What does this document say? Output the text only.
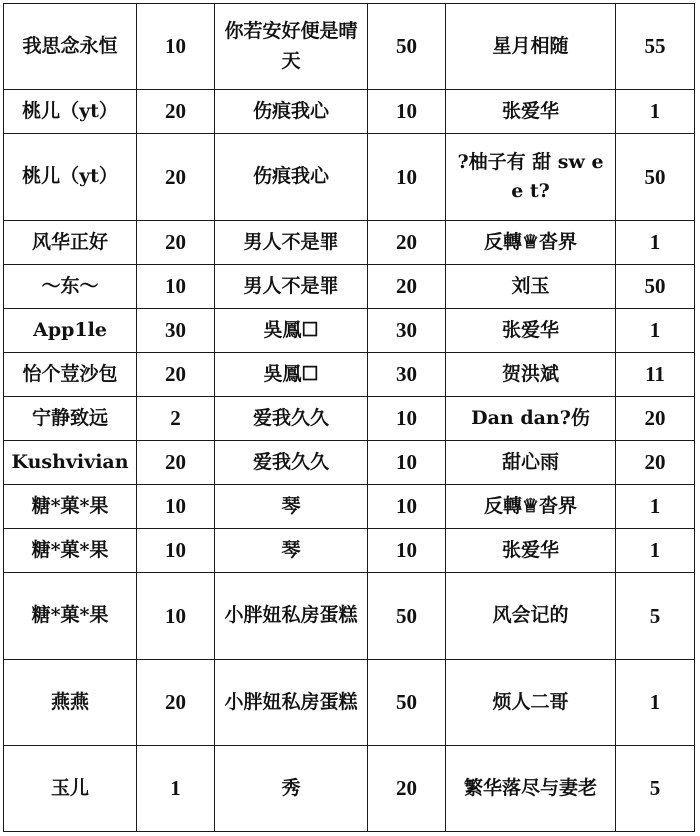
我思念永恒	10	你若安好便是晴天	50	星月相随	55
桃儿（yt）	20	伤痕我心	10	张爱华	1
桃儿（yt）	20	伤痕我心	10	?柚子有 甜 sw e e t?	50
风华正好	20	男人不是罪	20	反轉♕沓界	1
～东～	10	男人不是罪	20	刘玉	50
App1le	30	吳鳳☐	30	张爱华	1
怡个荳沙包	20	吳鳳☐	30	贺洪斌	11
宁静致远	2	爱我久久	10	Dan dan?伤	20
Kushvivian	20	爱我久久	10	甜心雨	20
糖*菓*果	10	琴	10	反轉♕沓界	1
糖*菓*果	10	琴	10	张爱华	1
糖*菓*果	10	小胖妞私房蛋糕	50	风会记的	5
燕燕	20	小胖妞私房蛋糕	50	烦人二哥	1
玉儿	1	秀	20	繁华落尽与妻老	5
